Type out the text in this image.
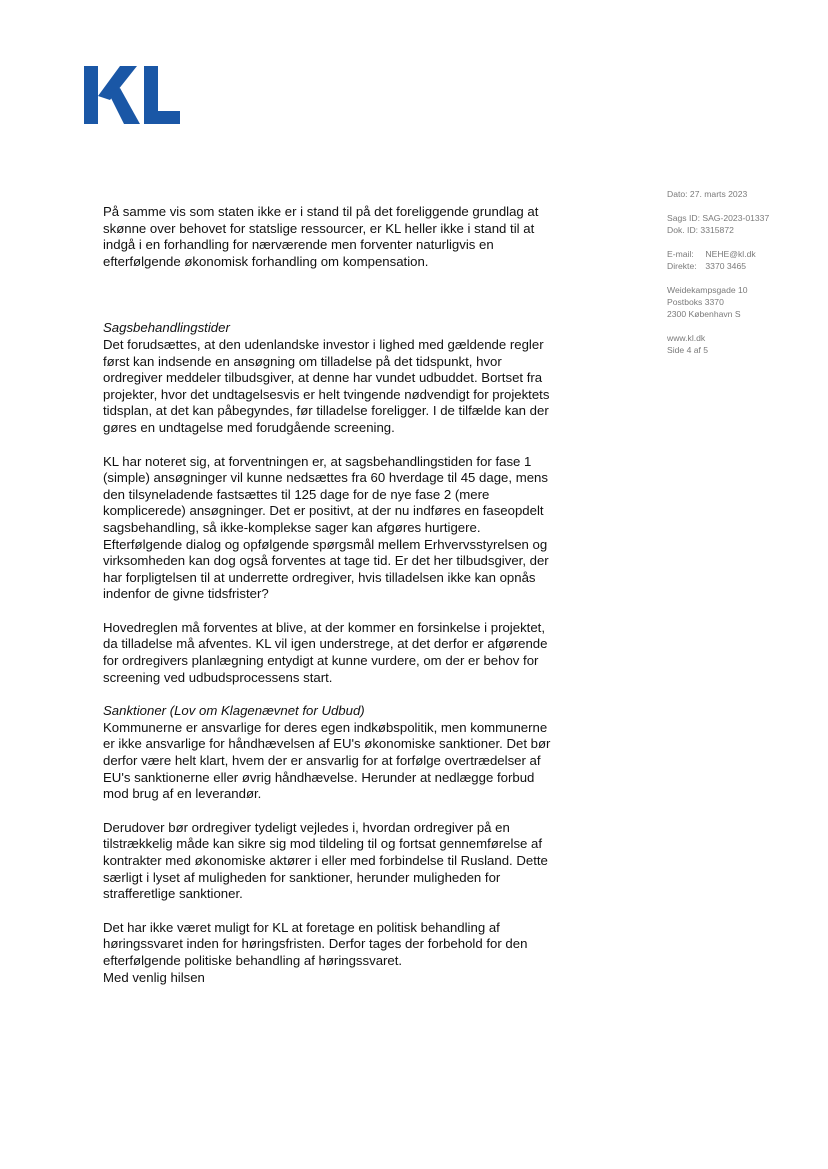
Dato: 27. marts 2023
Sags ID: SAG-2023-01337
Dok. ID: 3315872
E-mail: NEHE@kl.dk
Direkte: 3370 3465
Weidekampsgade 10
Postboks 3370
2300 København S
www.kl.dk
Side 4 af 5

På samme vis som staten ikke er i stand til på det foreliggende grundlag at skønne over behovet for statslige ressourcer, er KL heller ikke i stand til at indgå i en forhandling for nærværende men forventer naturligvis en efterfølgende økonomisk forhandling om kompensation.

Sagsbehandlingstider

Det forudsættes, at den udenlandske investor i lighed med gældende regler først kan indsende en ansøgning om tilladelse på det tidspunkt, hvor ordregiver meddeler tilbudsgiver, at denne har vundet udbuddet. Bortset fra projekter, hvor det undtagelsesvis er helt tvingende nødvendigt for projektets tidsplan, at det kan påbegyndes, før tilladelse foreligger. I de tilfælde kan der gøres en undtagelse med forudgående screening.

KL har noteret sig, at forventningen er, at sagsbehandlingstiden for fase 1 (simple) ansøgninger vil kunne nedsættes fra 60 hverdage til 45 dage, mens den tilsyneladende fastsættes til 125 dage for de nye fase 2 (mere komplicerede) ansøgninger. Det er positivt, at der nu indføres en faseopdelt sagsbehandling, så ikke-komplekse sager kan afgøres hurtigere. Efterfølgende dialog og opfølgende spørgsmål mellem Erhvervsstyrelsen og virksomheden kan dog også forventes at tage tid. Er det her tilbudsgiver, der har forpligtelsen til at underrette ordregiver, hvis tilladelsen ikke kan opnås indenfor de givne tidsfrister?

Hovedreglen må forventes at blive, at der kommer en forsinkelse i projektet, da tilladelse må afventes. KL vil igen understrege, at det derfor er afgørende for ordregivers planlægning entydigt at kunne vurdere, om der er behov for screening ved udbudsprocessens start.

Sanktioner (Lov om Klagenævnet for Udbud)

Kommunerne er ansvarlige for deres egen indkøbspolitik, men kommunerne er ikke ansvarlige for håndhævelsen af EU's økonomiske sanktioner. Det bør derfor være helt klart, hvem der er ansvarlig for at forfølge overtrædelser af EU's sanktionerne eller øvrig håndhævelse. Herunder at nedlægge forbud mod brug af en leverandør.

Derudover bør ordregiver tydeligt vejledes i, hvordan ordregiver på en tilstrækkelig måde kan sikre sig mod tildeling til og fortsat gennemførelse af kontrakter med økonomiske aktører i eller med forbindelse til Rusland. Dette særligt i lyset af muligheden for sanktioner, herunder muligheden for strafferetlige sanktioner.

Det har ikke været muligt for KL at foretage en politisk behandling af høringssvaret inden for høringsfristen. Derfor tages der forbehold for den efterfølgende politiske behandling af høringssvaret.

Med venlig hilsen
